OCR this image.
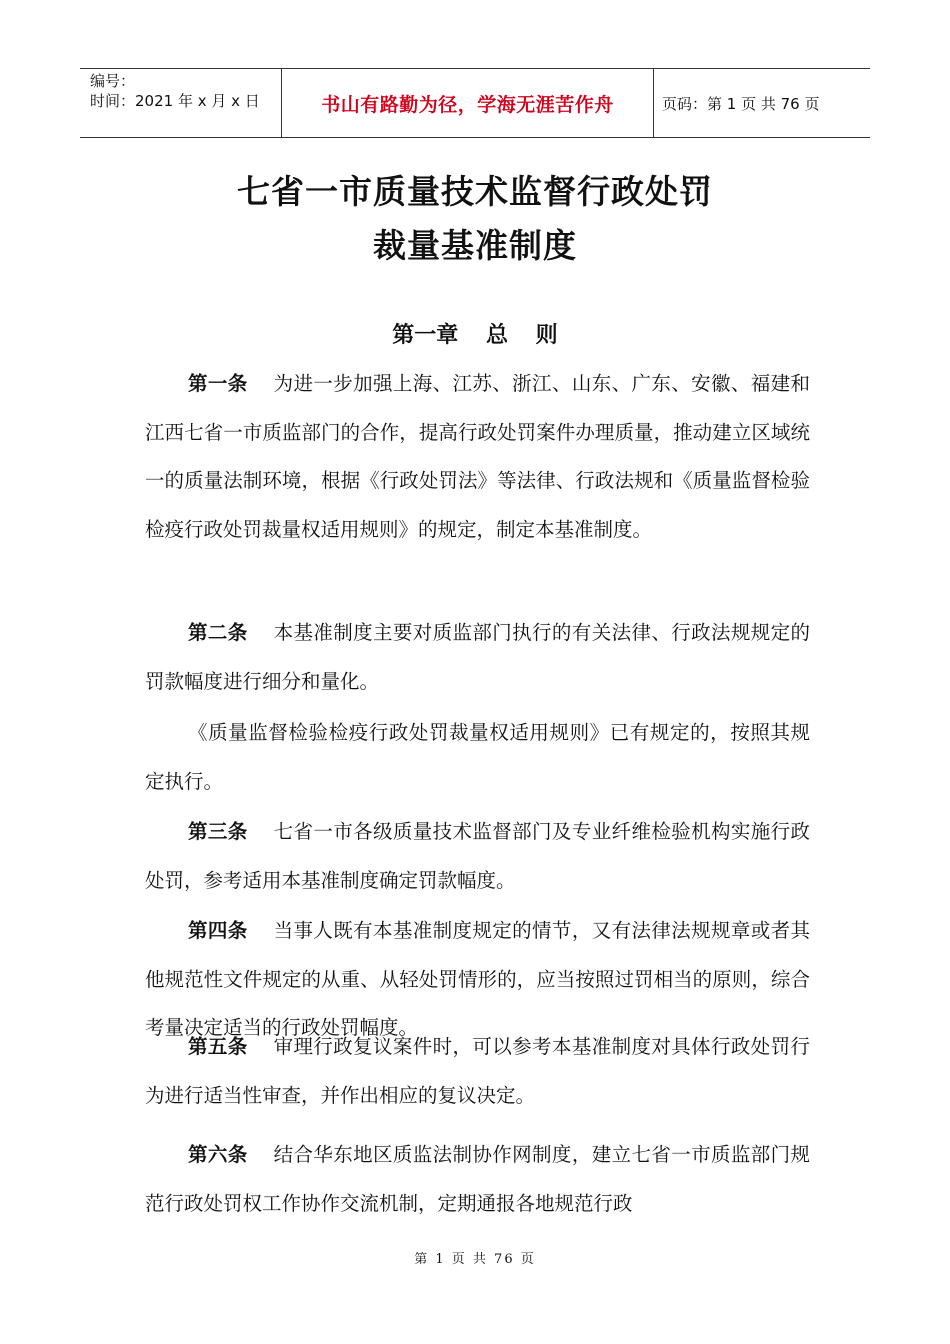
编号：
时间：2021 年 x 月 x 日	书山有路勤为径，学海无涯苦作舟	页码：第 1 页 共 76 页
七省一市质量技术监督行政处罚
裁量基准制度
第一章 总 则
第一条 为进一步加强上海、江苏、浙江、山东、广东、安徽、福建和江西七省一市质监部门的合作，提高行政处罚案件办理质量，推动建立区域统一的质量法制环境，根据《行政处罚法》等法律、行政法规和《质量监督检验检疫行政处罚裁量权适用规则》的规定，制定本基准制度。
第二条 本基准制度主要对质监部门执行的有关法律、行政法规规定的罚款幅度进行细分和量化。
《质量监督检验检疫行政处罚裁量权适用规则》已有规定的，按照其规定执行。
第三条 七省一市各级质量技术监督部门及专业纤维检验机构实施行政处罚，参考适用本基准制度确定罚款幅度。
第四条 当事人既有本基准制度规定的情节，又有法律法规规章或者其他规范性文件规定的从重、从轻处罚情形的，应当按照过罚相当的原则，综合考量决定适当的行政处罚幅度。
第五条 审理行政复议案件时，可以参考本基准制度对具体行政处罚行为进行适当性审查，并作出相应的复议决定。
第六条 结合华东地区质监法制协作网制度，建立七省一市质监部门规范行政处罚权工作协作交流机制，定期通报各地规范行政
第 1 页 共 76 页
